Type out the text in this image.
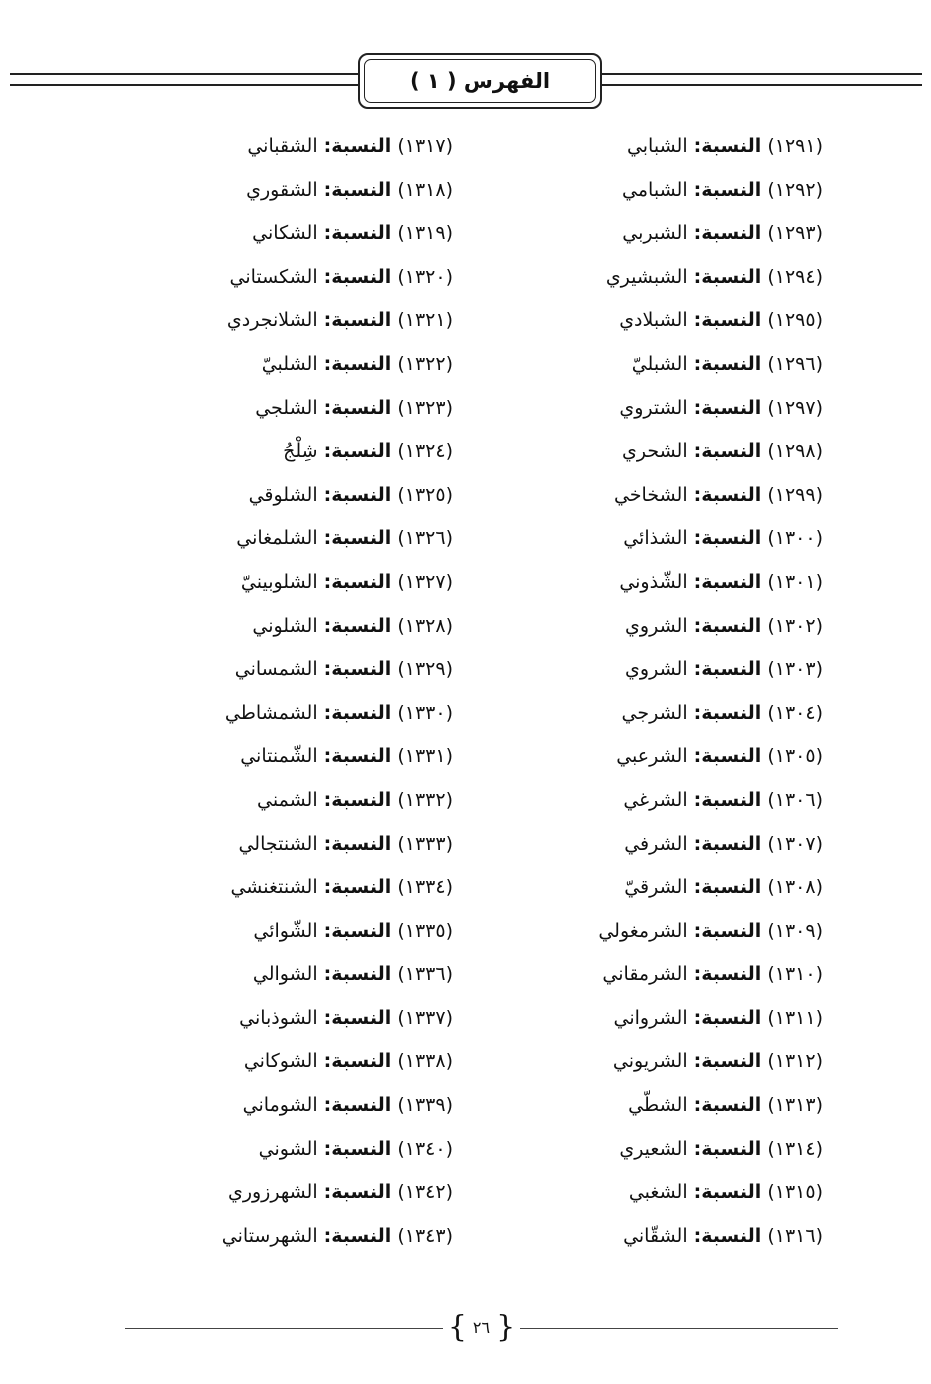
الفهرس ( ١ )
(١٢٩١) النسبة: الشبابي
(١٢٩٢) النسبة: الشبامي
(١٢٩٣) النسبة: الشبربي
(١٢٩٤) النسبة: الشبشيري
(١٢٩٥) النسبة: الشبلادي
(١٢٩٦) النسبة: الشبليّ
(١٢٩٧) النسبة: الشتروي
(١٢٩٨) النسبة: الشحري
(١٢٩٩) النسبة: الشخاخي
(١٣٠٠) النسبة: الشذائي
(١٣٠١) النسبة: الشّذوني
(١٣٠٢) النسبة: الشروي
(١٣٠٣) النسبة: الشروي
(١٣٠٤) النسبة: الشرجي
(١٣٠٥) النسبة: الشرعبي
(١٣٠٦) النسبة: الشرغي
(١٣٠٧) النسبة: الشرفي
(١٣٠٨) النسبة: الشرقيّ
(١٣٠٩) النسبة: الشرمغولي
(١٣١٠) النسبة: الشرمقاني
(١٣١١) النسبة: الشرواني
(١٣١٢) النسبة: الشريوني
(١٣١٣) النسبة: الشطّي
(١٣١٤) النسبة: الشعيري
(١٣١٥) النسبة: الشغبي
(١٣١٦) النسبة: الشقّاني
(١٣١٧) النسبة: الشقباني
(١٣١٨) النسبة: الشقوري
(١٣١٩) النسبة: الشكاني
(١٣٢٠) النسبة: الشكستاني
(١٣٢١) النسبة: الشلانجردي
(١٣٢٢) النسبة: الشلبيّ
(١٣٢٣) النسبة: الشلجي
(١٣٢٤) النسبة: شِلْجُ
(١٣٢٥) النسبة: الشلوقي
(١٣٢٦) النسبة: الشلمغاني
(١٣٢٧) النسبة: الشلوبينيّ
(١٣٢٨) النسبة: الشلوني
(١٣٢٩) النسبة: الشمساني
(١٣٣٠) النسبة: الشمشاطي
(١٣٣١) النسبة: الشّمنتاني
(١٣٣٢) النسبة: الشمني
(١٣٣٣) النسبة: الشنتجالي
(١٣٣٤) النسبة: الشنتغنشي
(١٣٣٥) النسبة: الشّوائي
(١٣٣٦) النسبة: الشوالي
(١٣٣٧) النسبة: الشوذباني
(١٣٣٨) النسبة: الشوكاني
(١٣٣٩) النسبة: الشوماني
(١٣٤٠) النسبة: الشوني
(١٣٤٢) النسبة: الشهرزوري
(١٣٤٣) النسبة: الشهرستاني
{ ٢٦ }
